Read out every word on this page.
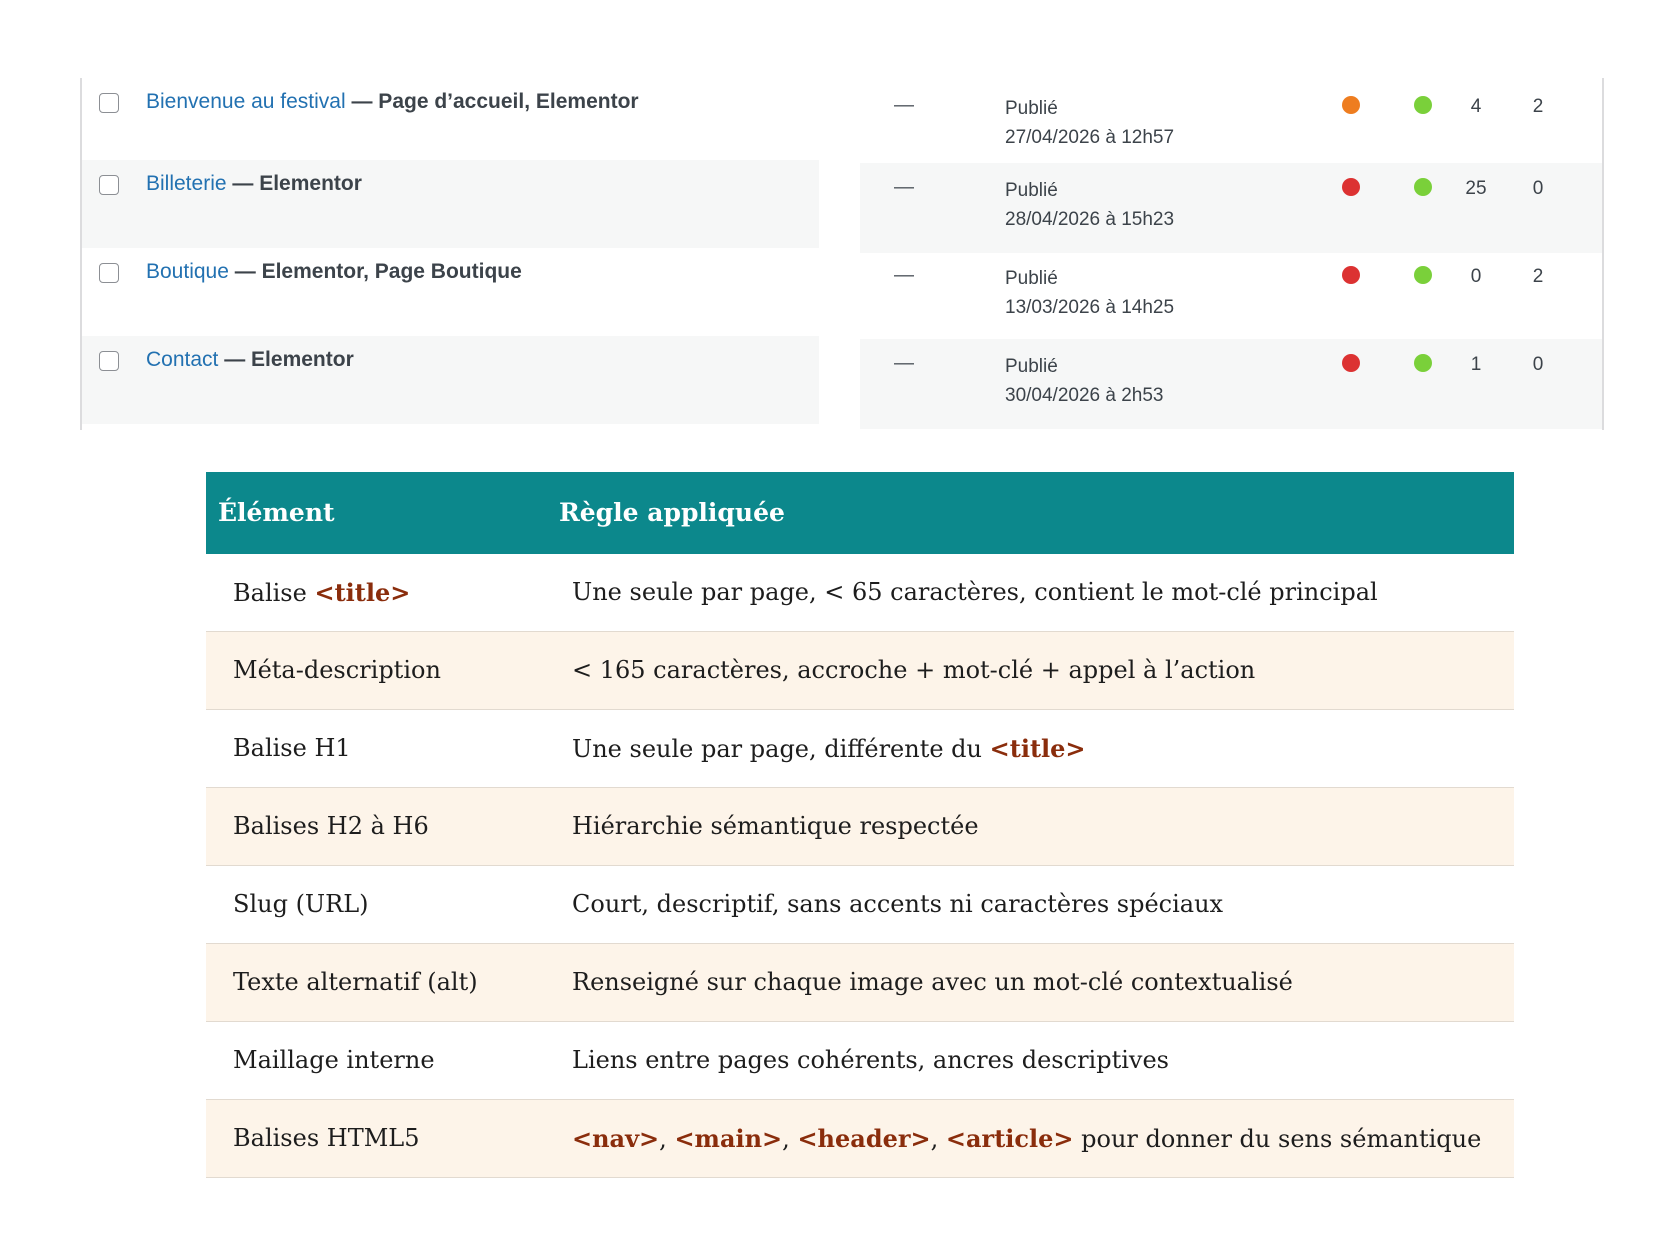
Bienvenue au festival — Page d’accueil, Elementor	—	Publié
27/04/2026 à 12h57
4	2
Billeterie — Elementor	—	Publié
28/04/2026 à 15h23
25	0
Boutique — Elementor, Page Boutique	—	Publié
13/03/2026 à 14h25
0	2
Contact — Elementor	—	Publié
30/04/2026 à 2h53
1	0
Élément	Règle appliquée
Balise <title>	Une seule par page, < 65 caractères, contient le mot-clé principal
Méta-description	< 165 caractères, accroche + mot-clé + appel à l’action
Balise H1	Une seule par page, différente du <title>
Balises H2 à H6	Hiérarchie sémantique respectée
Slug (URL)	Court, descriptif, sans accents ni caractères spéciaux
Texte alternatif (alt)	Renseigné sur chaque image avec un mot-clé contextualisé
Maillage interne	Liens entre pages cohérents, ancres descriptives
Balises HTML5	<nav>, <main>, <header>, <article> pour donner du sens sémantique
